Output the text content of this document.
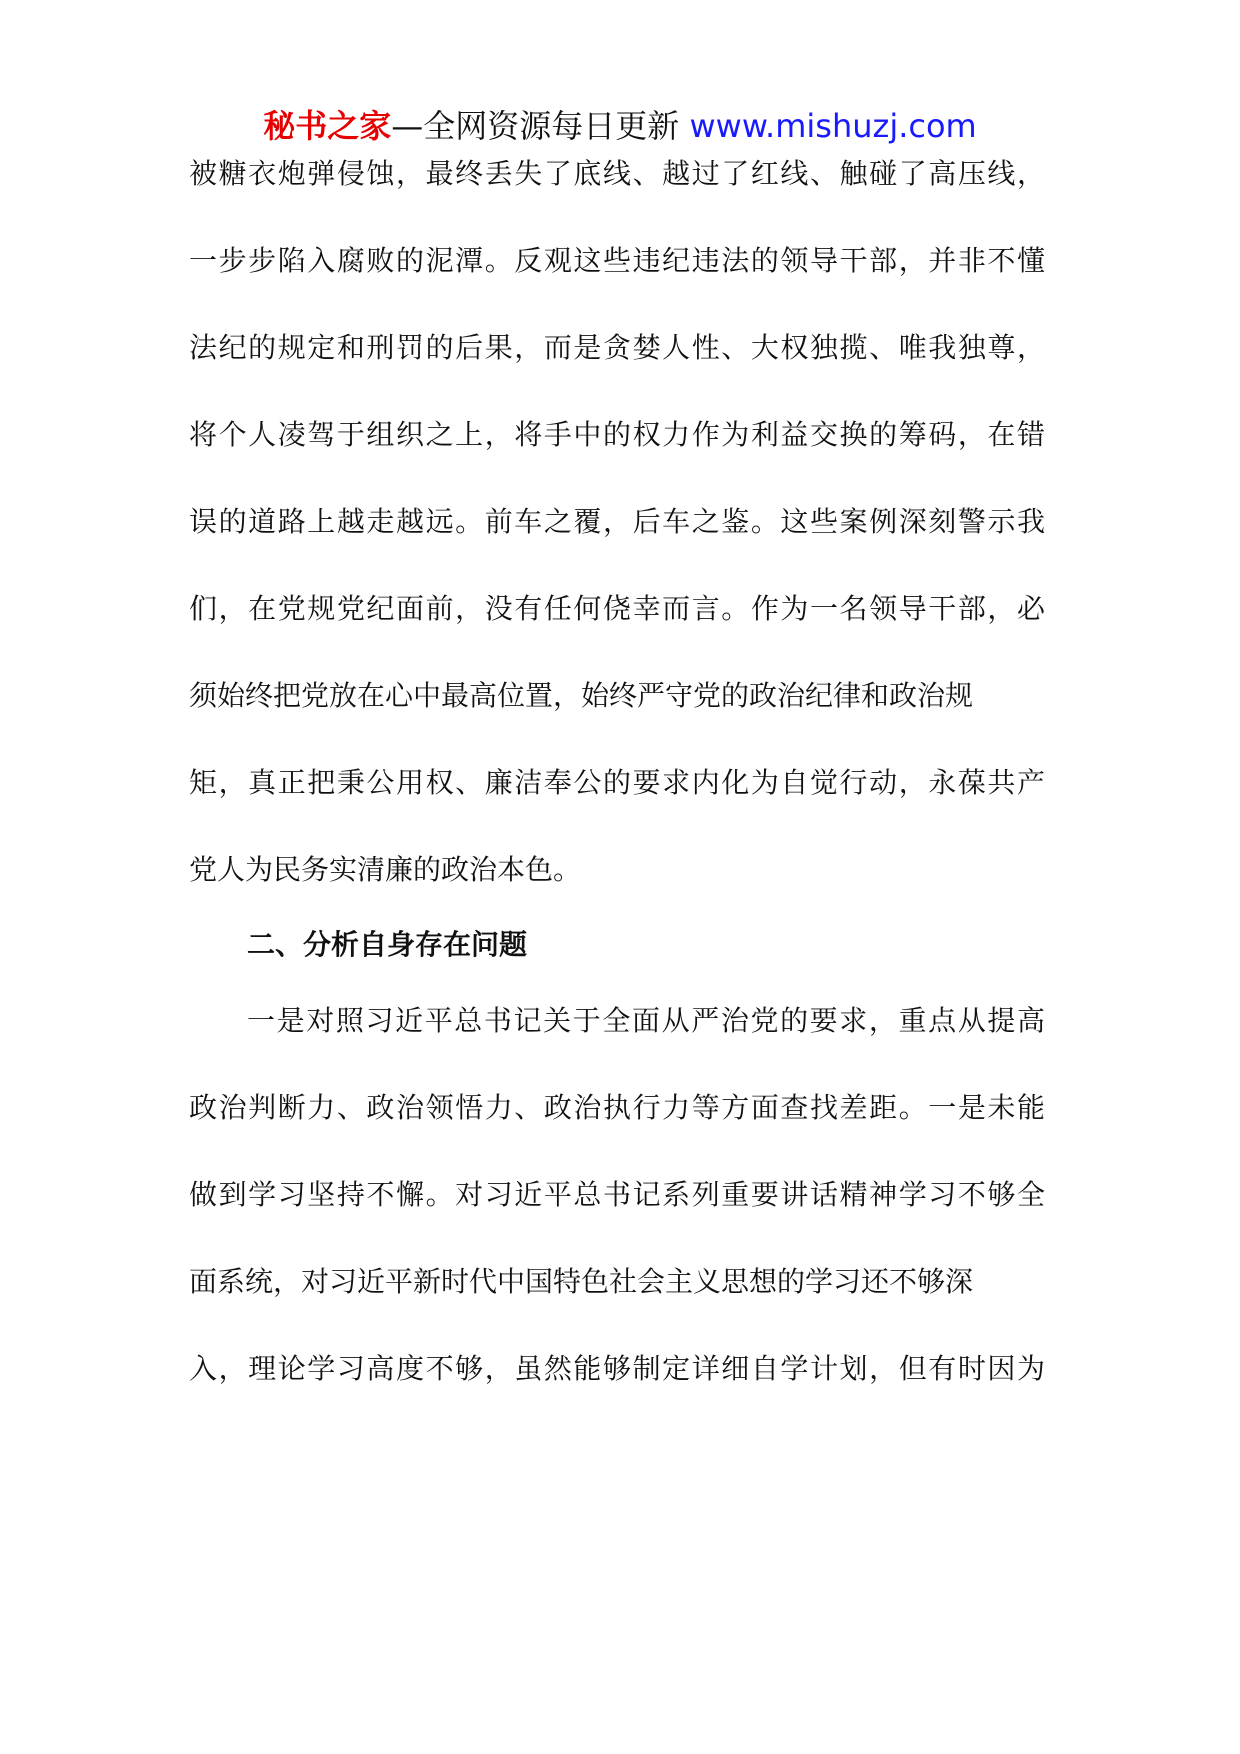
秘书之家—全网资源每日更新 www.mishuzj.com
被糖衣炮弹侵蚀，最终丢失了底线、越过了红线、触碰了高压线，
一步步陷入腐败的泥潭。反观这些违纪违法的领导干部，并非不懂
法纪的规定和刑罚的后果，而是贪婪人性、大权独揽、唯我独尊，
将个人凌驾于组织之上，将手中的权力作为利益交换的筹码，在错
误的道路上越走越远。前车之覆，后车之鉴。这些案例深刻警示我
们，在党规党纪面前，没有任何侥幸而言。作为一名领导干部，必
须始终把党放在心中最高位置，始终严守党的政治纪律和政治规
矩，真正把秉公用权、廉洁奉公的要求内化为自觉行动，永葆共产
党人为民务实清廉的政治本色。
二、分析自身存在问题
一是对照习近平总书记关于全面从严治党的要求，重点从提高
政治判断力、政治领悟力、政治执行力等方面查找差距。一是未能
做到学习坚持不懈。对习近平总书记系列重要讲话精神学习不够全
面系统，对习近平新时代中国特色社会主义思想的学习还不够深
入，理论学习高度不够，虽然能够制定详细自学计划，但有时因为
